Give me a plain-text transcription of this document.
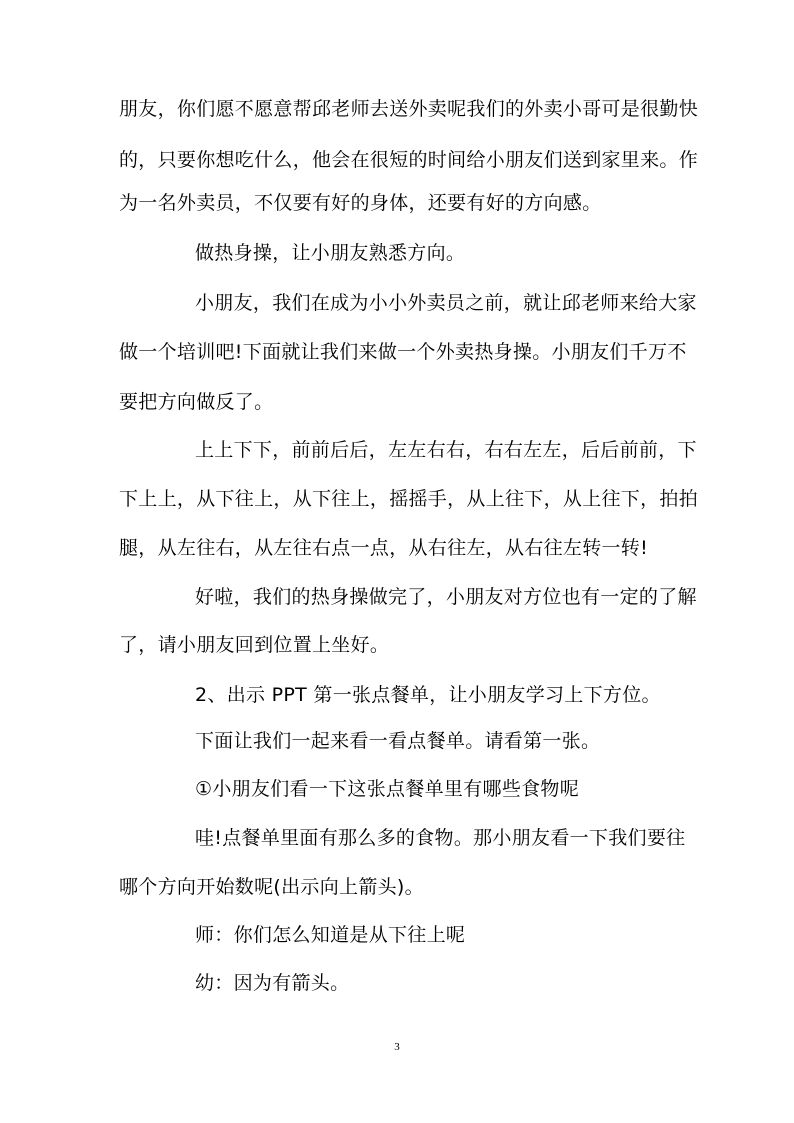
朋友，你们愿不愿意帮邱老师去送外卖呢我们的外卖小哥可是很勤快
的，只要你想吃什么，他会在很短的时间给小朋友们送到家里来。作
为一名外卖员，不仅要有好的身体，还要有好的方向感。
做热身操，让小朋友熟悉方向。
小朋友，我们在成为小小外卖员之前，就让邱老师来给大家
做一个培训吧!下面就让我们来做一个外卖热身操。小朋友们千万不
要把方向做反了。
上上下下，前前后后，左左右右，右右左左，后后前前，下
下上上，从下往上，从下往上，摇摇手，从上往下，从上往下，拍拍
腿，从左往右，从左往右点一点，从右往左，从右往左转一转!
好啦，我们的热身操做完了，小朋友对方位也有一定的了解
了，请小朋友回到位置上坐好。
2、出示 PPT 第一张点餐单，让小朋友学习上下方位。
下面让我们一起来看一看点餐单。请看第一张。
①小朋友们看一下这张点餐单里有哪些食物呢
哇!点餐单里面有那么多的食物。那小朋友看一下我们要往
哪个方向开始数呢(出示向上箭头)。
师：你们怎么知道是从下往上呢
幼：因为有箭头。
3
